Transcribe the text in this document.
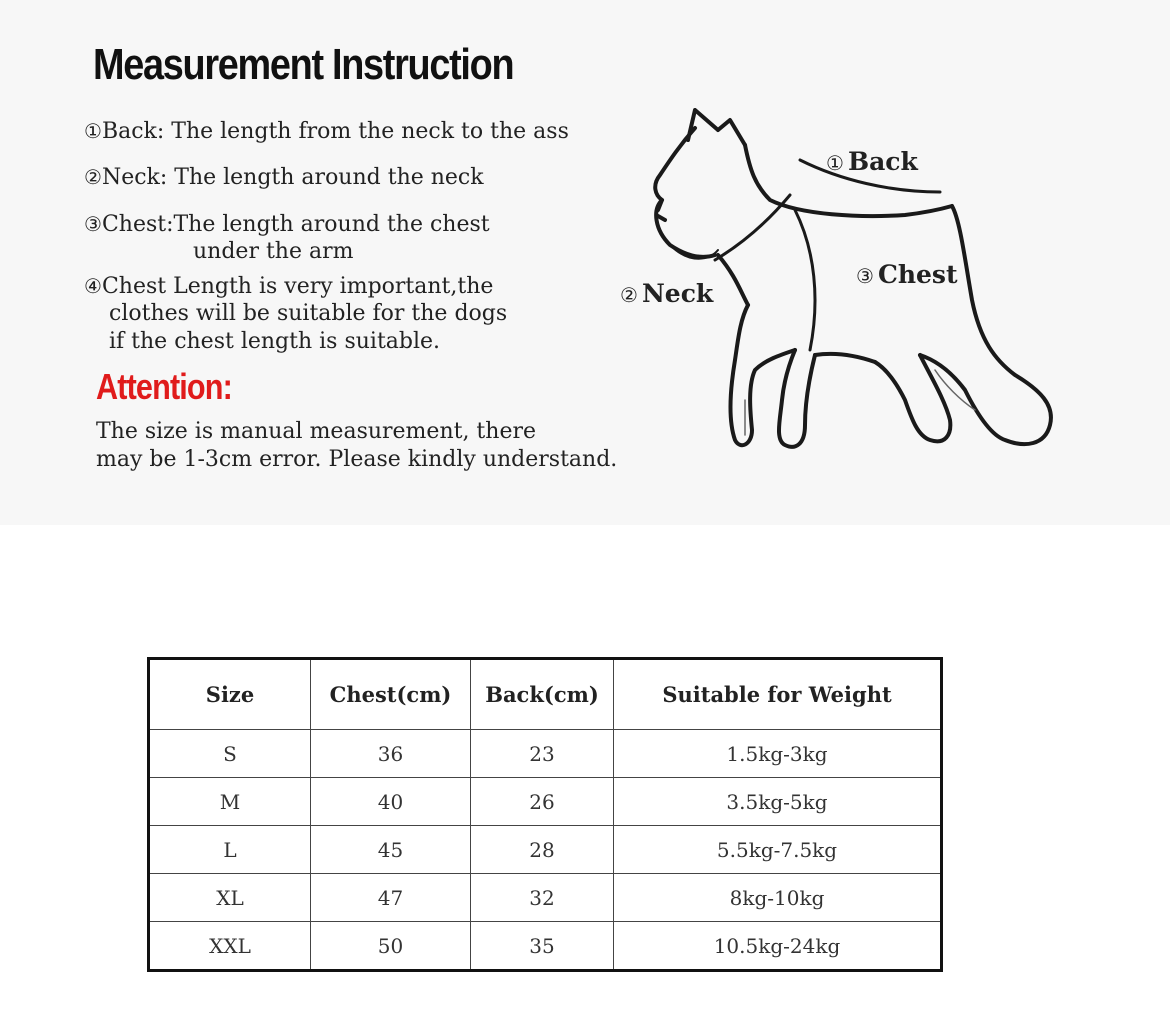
Measurement Instruction
①Back: The length from the neck to the ass
②Neck: The length around the neck
③Chest:The length around the chest
under the arm
④Chest Length is very important,the
clothes will be suitable for the dogs
if the chest length is suitable.
Attention:
The size is manual measurement, there
may be 1-3cm error. Please kindly understand.
① Back
② Neck
③ Chest
Size	Chest(cm)	Back(cm)	Suitable for Weight
S	36	23	1.5kg-3kg
M	40	26	3.5kg-5kg
L	45	28	5.5kg-7.5kg
XL	47	32	8kg-10kg
XXL	50	35	10.5kg-24kg
